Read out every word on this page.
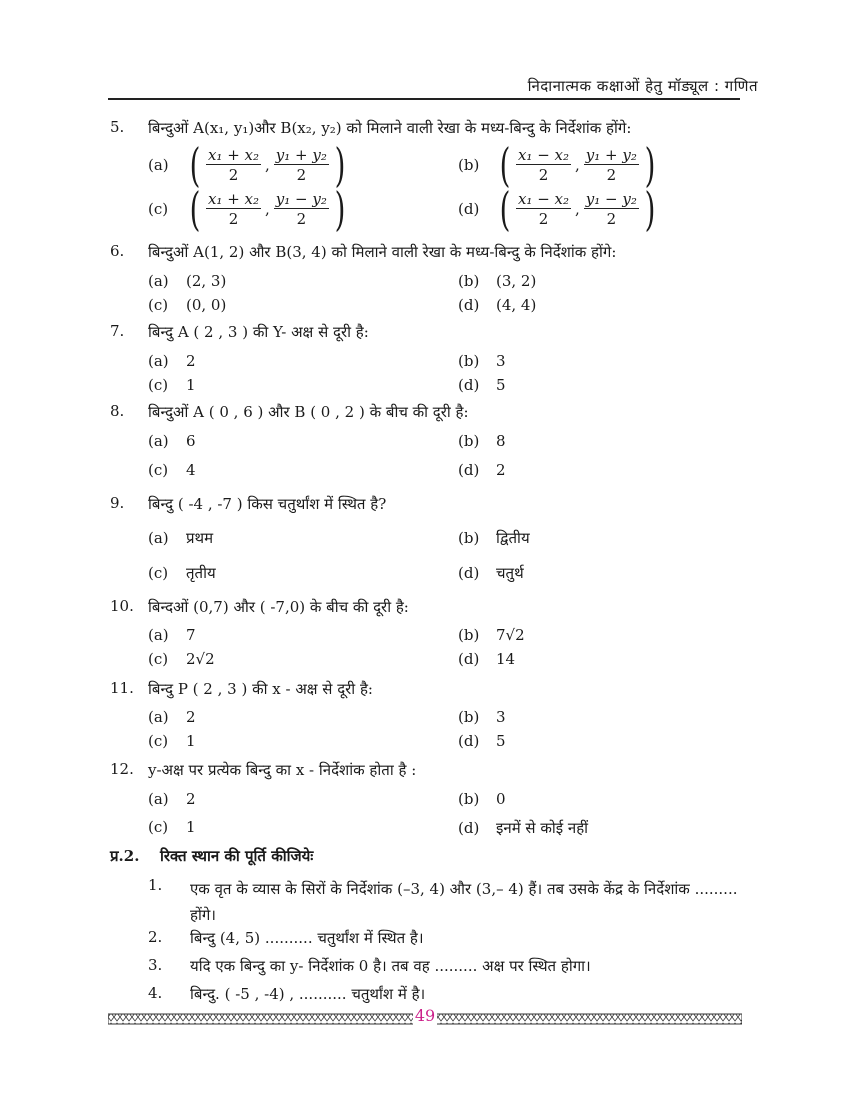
निदानात्मक कक्षाओं हेतु मॉड्यूल : गणित
5. बिन्दुओं A(x₁, y₁)और B(x₂, y₂) को मिलाने वाली रेखा के मध्य-बिन्दु के निर्देशांक होंगे:
(a) ( $\frac{\text{x₁ + x₂}}{2}$ , $\frac{\text{y₁ + y₂}}{2}$ )	(b) ( $\frac{\text{x₁ − x₂}}{2}$ , $\frac{\text{y₁ + y₂}}{2}$ )
(c) ( $\frac{\text{x₁ + x₂}}{2}$ , $\frac{\text{y₁ − y₂}}{2}$ )	(d) ( $\frac{\text{x₁ − x₂}}{2}$ , $\frac{\text{y₁ − y₂}}{2}$ )
6. बिन्दुओं A(1, 2) और B(3, 4) को मिलाने वाली रेखा के मध्य-बिन्दु के निर्देशांक होंगे:
(a) (2, 3)	(b) (3, 2)
(c) (0, 0)	(d) (4, 4)
7. बिन्दु A ( 2 , 3 ) की Y- अक्ष से दूरी है:
(a) 2	(b) 3
(c) 1	(d) 5
8. बिन्दुओं A ( 0 , 6 ) और B ( 0 , 2 ) के बीच की दूरी है:
(a) 6	(b) 8
(c) 4	(d) 2
9. बिन्दु ( -4 , -7 ) किस चतुर्थांश में स्थित है?
(a) प्रथम	(b) द्वितीय
(c) तृतीय	(d) चतुर्थ
10. बिन्दओं (0,7) और ( -7,0) के बीच की दूरी है:
(a) 7	(b) 7√2
(c) 2√2	(d) 14
11. बिन्दु P ( 2 , 3 ) की x - अक्ष से दूरी है:
(a) 2	(b) 3
(c) 1	(d) 5
12. y-अक्ष पर प्रत्येक बिन्दु का x - निर्देशांक होता है :
(a) 2	(b) 0
(c) 1	(d) इनमें से कोई नहीं
प्र.2. रिक्त स्थान की पूर्ति कीजियेः
1. एक वृत के व्यास के सिरों के निर्देशांक (–3, 4) और (3,– 4) हैं। तब उसके केंद्र के निर्देशांक .........
होंगे।
2. बिन्दु (4, 5) .......... चतुर्थांश में स्थित है।
3. यदि एक बिन्दु का y- निर्देशांक 0 है। तब वह ......... अक्ष पर स्थित होगा।
4. बिन्दु. ( -5 , -4) , .......... चतुर्थांश में है।
49
